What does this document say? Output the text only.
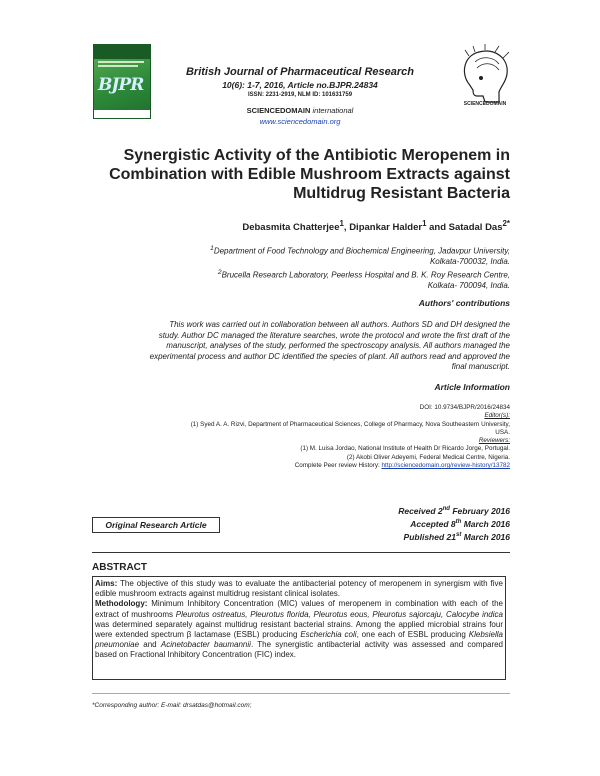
BJPR
British Journal of Pharmaceutical Research
10(6): 1-7, 2016, Article no.BJPR.24834
ISSN: 2231-2919, NLM ID: 101631759
SCIENCEDOMAIN international
www.sciencedomain.org
SCIENCEDOMAIN
Synergistic Activity of the Antibiotic Meropenem in Combination with Edible Mushroom Extracts against Multidrug Resistant Bacteria
Debasmita Chatterjee$^1$, Dipankar Halder$^1$ and Satadal Das$^{2*}$
$^1$Department of Food Technology and Biochemical Engineering, Jadavpur University,
Kolkata-700032, India.
$^2$Brucella Research Laboratory, Peerless Hospital and B. K. Roy Research Centre,
Kolkata- 700094, India.
Authors' contributions
This work was carried out in collaboration between all authors. Authors SD and DH designed the
study. Author DC managed the literature searches, wrote the protocol and wrote the first draft of the
manuscript, analyses of the study, performed the spectroscopy analysis. All authors managed the
experimental process and author DC identified the species of plant. All authors read and approved the
final manuscript.
Article Information
DOI: 10.9734/BJPR/2016/24834
Editor(s):
(1) Syed A. A. Rizvi, Department of Pharmaceutical Sciences, College of Pharmacy, Nova Southeastern University,
USA.
Reviewers:
(1) M. Luisa Jordao, National Institute of Health Dr Ricardo Jorge, Portugal.
(2) Akobi Oliver Adeyemi, Federal Medical Centre, Nigeria.
Complete Peer review History: http://sciencedomain.org/review-history/13782
Received 2nd February 2016
Accepted 8th March 2016
Published 21st March 2016
Original Research Article
ABSTRACT
Aims: The objective of this study was to evaluate the antibacterial potency of meropenem in synergism with five edible mushroom extracts against multidrug resistant clinical isolates.
Methodology: Minimum Inhibitory Concentration (MIC) values of meropenem in combination with each of the extract of mushrooms Pleurotus ostreatus, Pleurotus florida, Pleurotus eous, Pleurotus sajorcaju, Calocybe indica was determined separately against multidrug resistant bacterial strains. Among the applied microbial strains four were extended spectrum β lactamase (ESBL) producing Escherichia coli, one each of ESBL producing Klebsiella pneumoniae and Acinetobacter baumannii. The synergistic antibacterial activity was assessed and compared based on Fractional Inhibitory Concentration (FIC) index.
*Corresponding author: E-mail: drsatdas@hotmail.com;
